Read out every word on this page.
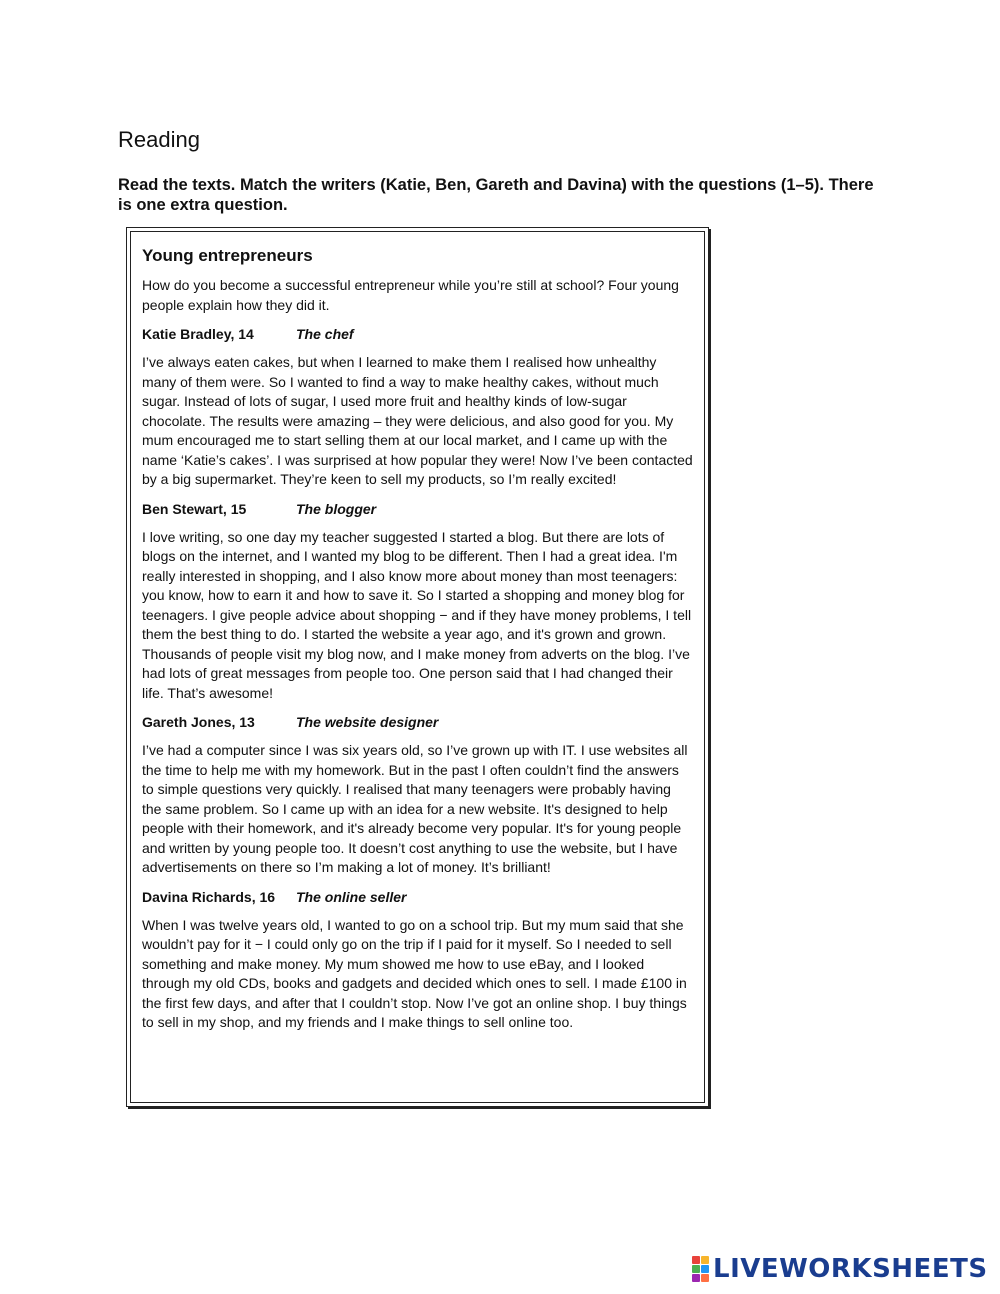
Reading

Read the texts. Match the writers (Katie, Ben, Gareth and Davina) with the questions (1–5). There is one extra question.

Young entrepreneurs

How do you become a successful entrepreneur while you’re still at school? Four young people explain how they did it.

Katie Bradley, 14	The chef

I’ve always eaten cakes, but when I learned to make them I realised how unhealthy many of them were. So I wanted to find a way to make healthy cakes, without much sugar. Instead of lots of sugar, I used more fruit and healthy kinds of low-sugar chocolate. The results were amazing – they were delicious, and also good for you. My mum encouraged me to start selling them at our local market, and I came up with the name ‘Katie’s cakes’. I was surprised at how popular they were! Now I’ve been contacted by a big supermarket. They’re keen to sell my products, so I’m really excited!

Ben Stewart, 15	The blogger

I love writing, so one day my teacher suggested I started a blog. But there are lots of blogs on the internet, and I wanted my blog to be different. Then I had a great idea. I'm really interested in shopping, and I also know more about money than most teenagers: you know, how to earn it and how to save it. So I started a shopping and money blog for teenagers. I give people advice about shopping − and if they have money problems, I tell them the best thing to do. I started the website a year ago, and it's grown and grown. Thousands of people visit my blog now, and I make money from adverts on the blog. I’ve had lots of great messages from people too. One person said that I had changed their life. That’s awesome!

Gareth Jones, 13	The website designer

I’ve had a computer since I was six years old, so I’ve grown up with IT. I use websites all the time to help me with my homework. But in the past I often couldn’t find the answers to simple questions very quickly. I realised that many teenagers were probably having the same problem. So I came up with an idea for a new website. It's designed to help people with their homework, and it's already become very popular. It's for young people and written by young people too. It doesn’t cost anything to use the website, but I have advertisements on there so I’m making a lot of money. It’s brilliant!

Davina Richards, 16 The online seller

When I was twelve years old, I wanted to go on a school trip. But my mum said that she wouldn’t pay for it − I could only go on the trip if I paid for it myself. So I needed to sell something and make money. My mum showed me how to use eBay, and I looked through my old CDs, books and gadgets and decided which ones to sell. I made £100 in the first few days, and after that I couldn’t stop. Now I’ve got an online shop. I buy things to sell in my shop, and my friends and I make things to sell online too.

LIVEWORKSHEETS
